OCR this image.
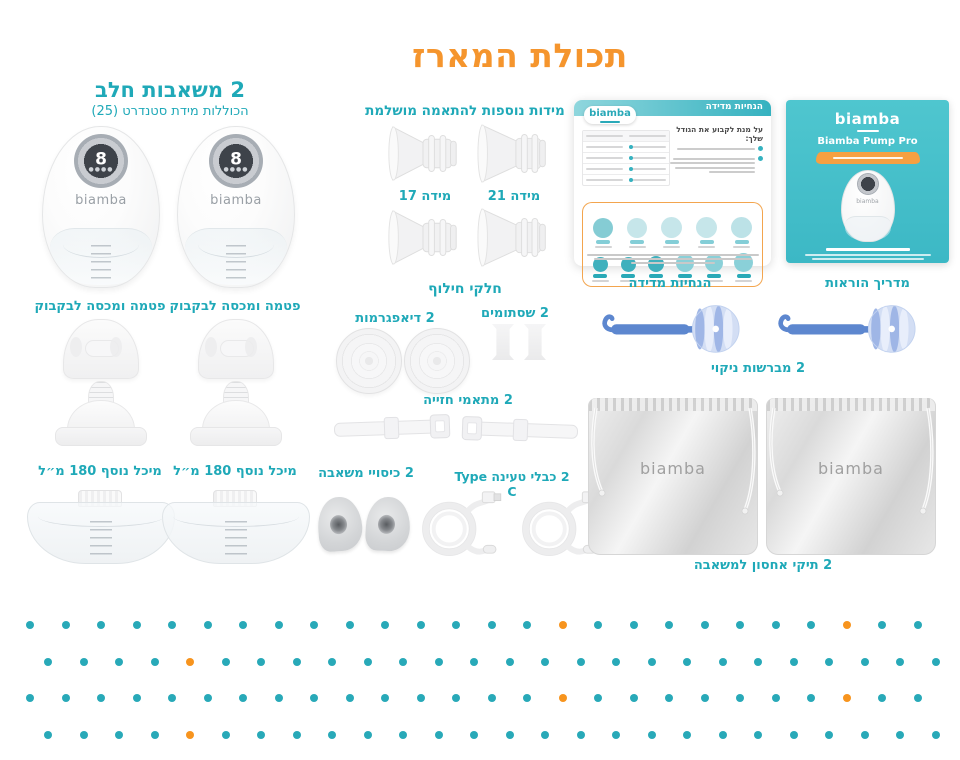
תכולת המארז
2 משאבות חלב
הכוללות מידת סטנדרט (25)
8
●●●●
biamba
8
●●●●
biamba
פטמה ומכסה לבקבוק פטמה ומכסה לבקבוק
מיכל נוסף 180 מ״ל מיכל נוסף 180 מ״ל
מידות נוספות להתאמה מושלמת
מידה 17	מידה 21
חלקי חילוף
2 דיאפגרמות	2 שסתומים
2 מתאמי חזייה
2 כיסויי משאבה	2 כבלי טעינה Type C
הנחיות מדידה
biamba
על מנת לקבוע את הגודל שלך:
biamba
Biamba Pump Pro
biamba
הנחיות מדידה	מדריך הוראות
2 מברשות ניקוי
biamba	biamba
2 תיקי אחסון למשאבה
